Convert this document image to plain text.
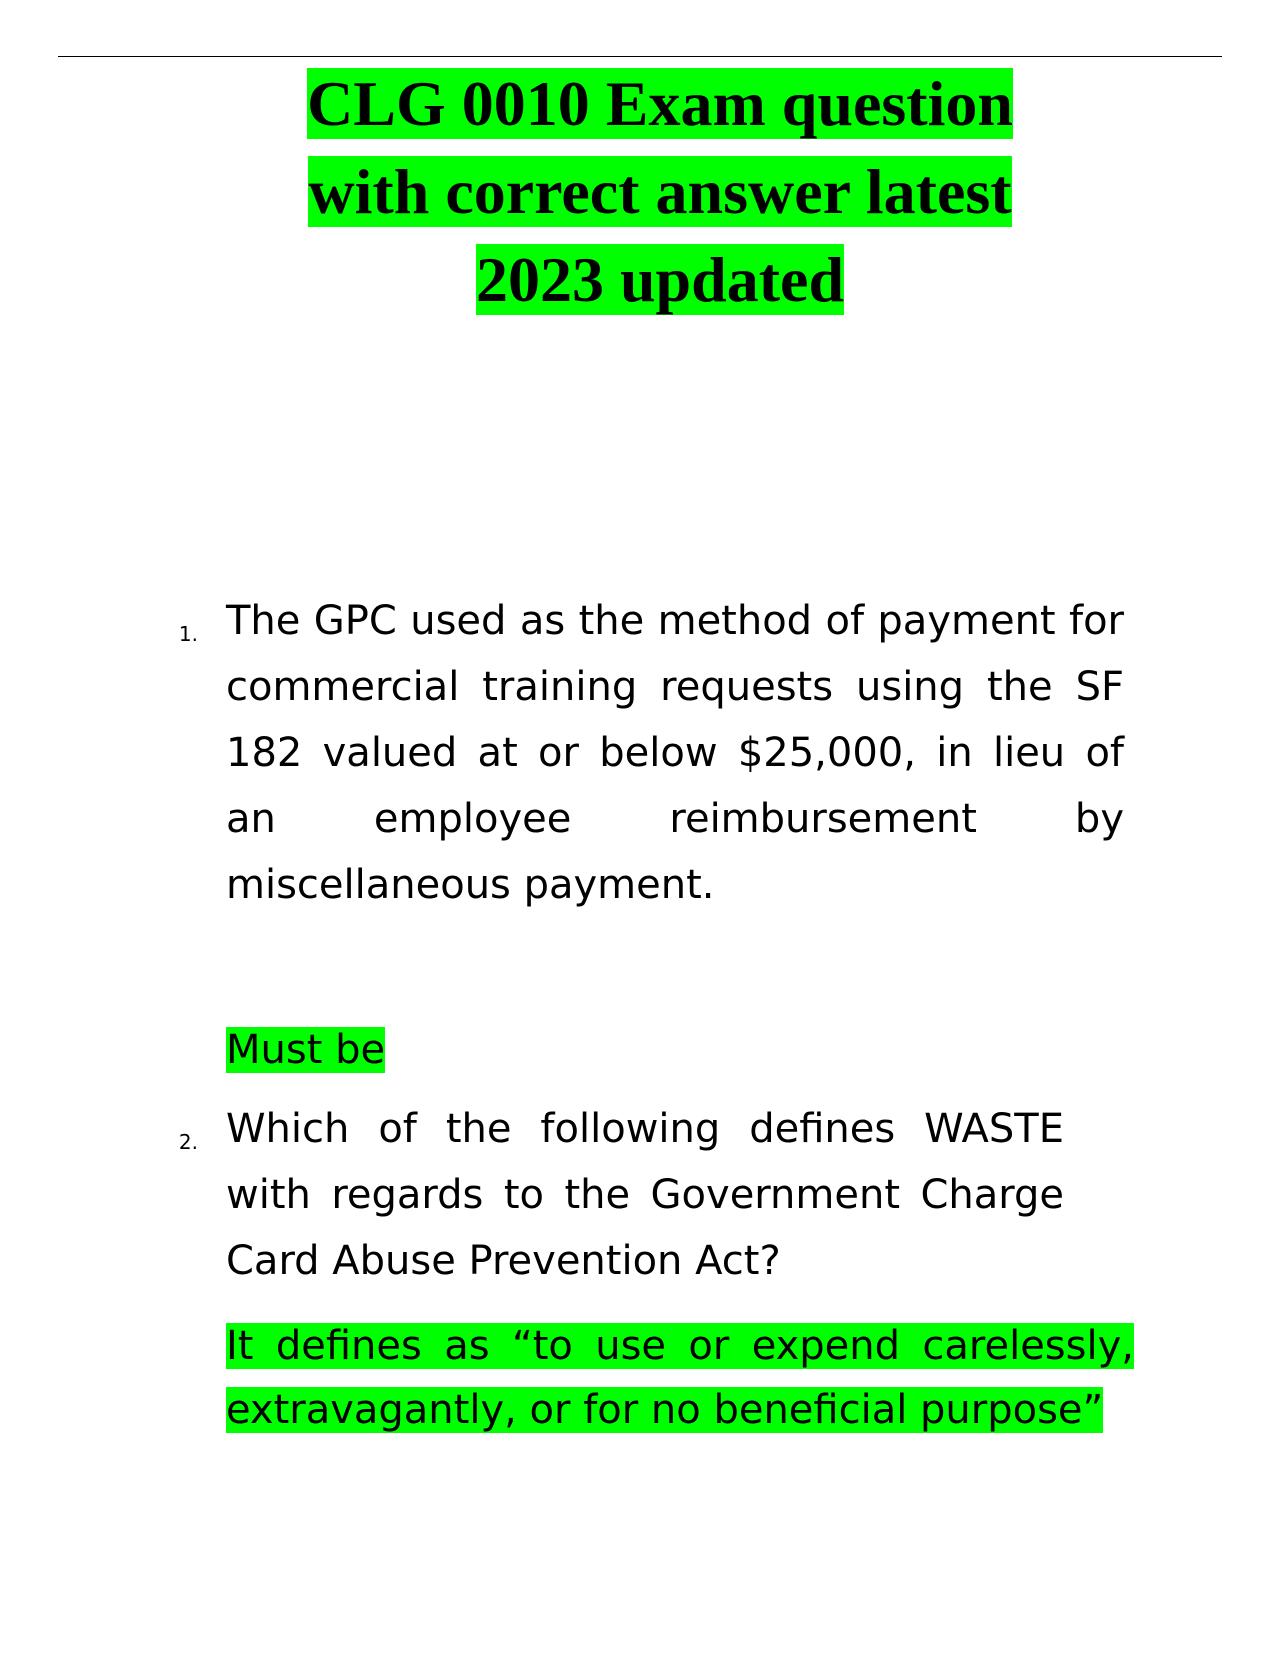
CLG 0010 Exam question
with correct answer latest
2023 updated
1. The GPC used as the method of payment for commercial training requests using the SF 182 valued at or below $25,000, in lieu of an employee reimbursement by miscellaneous payment.
Must be
2. Which of the following defines WASTE with regards to the Government Charge Card Abuse Prevention Act?
It defines as “to use or expend carelessly, extravagantly, or for no beneficial purpose”
